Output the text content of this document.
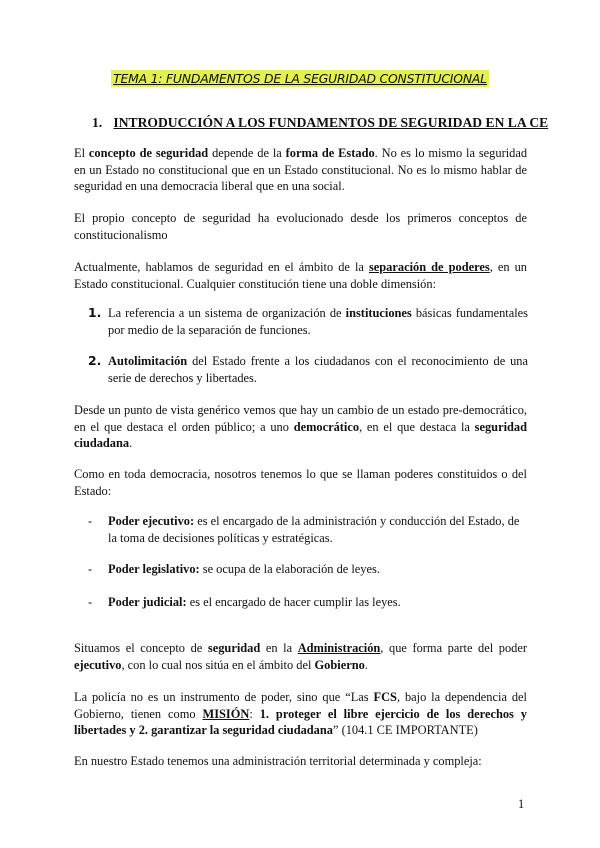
TEMA 1: FUNDAMENTOS DE LA SEGURIDAD CONSTITUCIONAL
1. INTRODUCCIÓN A LOS FUNDAMENTOS DE SEGURIDAD EN LA CE
El concepto de seguridad depende de la forma de Estado. No es lo mismo la seguridad en un Estado no constitucional que en un Estado constitucional. No es lo mismo hablar de seguridad en una democracia liberal que en una social.
El propio concepto de seguridad ha evolucionado desde los primeros conceptos de constitucionalismo
Actualmente, hablamos de seguridad en el ámbito de la separación de poderes, en un Estado constitucional. Cualquier constitución tiene una doble dimensión:
1. La referencia a un sistema de organización de instituciones básicas fundamentales por medio de la separación de funciones.
2. Autolimitación del Estado frente a los ciudadanos con el reconocimiento de una serie de derechos y libertades.
Desde un punto de vista genérico vemos que hay un cambio de un estado pre-democrático, en el que destaca el orden público; a uno democrático, en el que destaca la seguridad ciudadana.
Como en toda democracia, nosotros tenemos lo que se llaman poderes constituidos o del Estado:
- Poder ejecutivo: es el encargado de la administración y conducción del Estado, de la toma de decisiones políticas y estratégicas.
- Poder legislativo: se ocupa de la elaboración de leyes.
- Poder judicial: es el encargado de hacer cumplir las leyes.
Situamos el concepto de seguridad en la Administración, que forma parte del poder ejecutivo, con lo cual nos sitúa en el ámbito del Gobierno.
La policía no es un instrumento de poder, sino que “Las FCS, bajo la dependencia del Gobierno, tienen como MISIÓN: 1. proteger el libre ejercicio de los derechos y libertades y 2. garantizar la seguridad ciudadana” (104.1 CE IMPORTANTE)
En nuestro Estado tenemos una administración territorial determinada y compleja:
1
